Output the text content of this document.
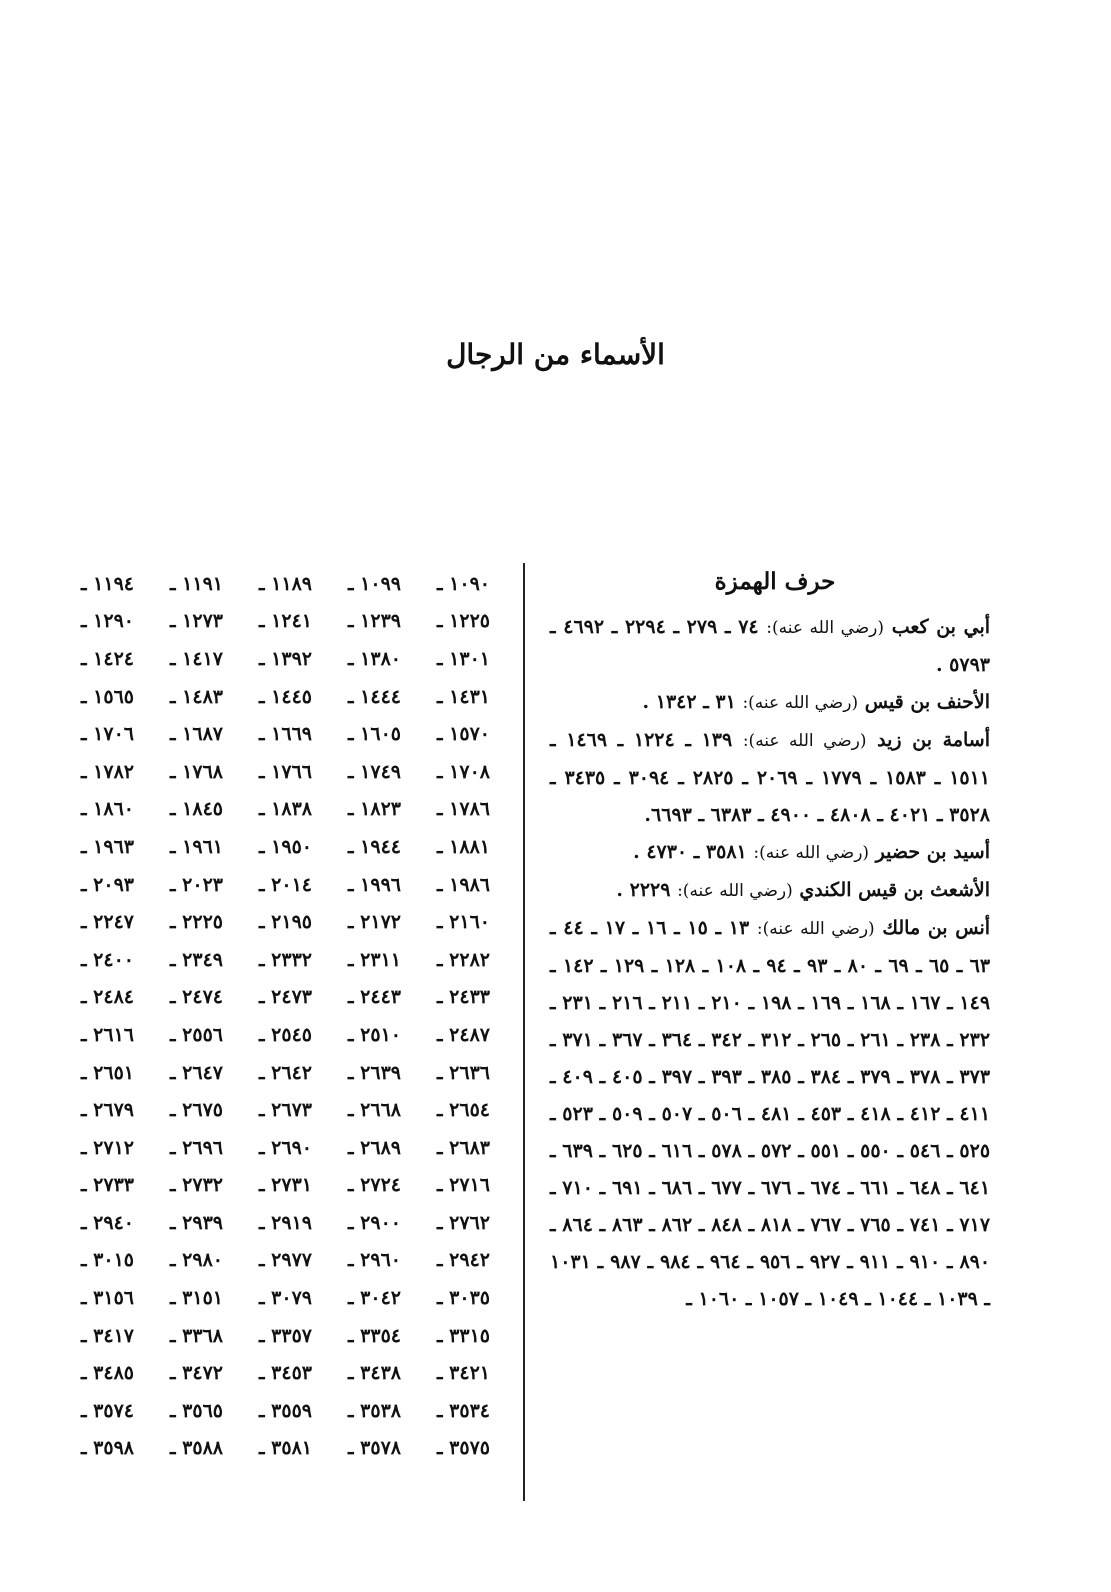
الأسماء من الرجال
حرف الهمزة
أبي بن كعب (رضي الله عنه): ٧٤ ـ ٢٧٩ ـ ٢٢٩٤ ـ ٤٦٩٢ ـ ٥٧٩٣ .
الأحنف بن قيس (رضي الله عنه): ٣١ ـ ١٣٤٢ .
أسامة بن زيد (رضي الله عنه): ١٣٩ ـ ١٢٢٤ ـ ١٤٦٩ ـ ١٥١١ ـ ١٥٨٣ ـ ١٧٧٩ ـ ٢٠٦٩ ـ ٢٨٢٥ ـ ٣٠٩٤ ـ ٣٤٣٥ ـ ٣٥٢٨ ـ ٤٠٢١ ـ ٤٨٠٨ ـ ٤٩٠٠ ـ ٦٣٨٣ ـ ٦٦٩٣.
أسيد بن حضير (رضي الله عنه): ٣٥٨١ ـ ٤٧٣٠ .
الأشعث بن قيس الكندي (رضي الله عنه): ٢٢٢٩ .
أنس بن مالك (رضي الله عنه): ١٣ ـ ١٥ ـ ١٦ ـ ١٧ ـ ٤٤ ـ ٦٣ ـ ٦٥ ـ ٦٩ ـ ٨٠ ـ ٩٣ ـ ٩٤ ـ ١٠٨ ـ ١٢٨ ـ ١٢٩ ـ ١٤٢ ـ ١٤٩ ـ ١٦٧ ـ ١٦٨ ـ ١٦٩ ـ ١٩٨ ـ ٢١٠ ـ ٢١١ ـ ٢١٦ ـ ٢٣١ ـ ٢٣٢ ـ ٢٣٨ ـ ٢٦١ ـ ٢٦٥ ـ ٣١٢ ـ ٣٤٢ ـ ٣٦٤ ـ ٣٦٧ ـ ٣٧١ ـ ٣٧٣ ـ ٣٧٨ ـ ٣٧٩ ـ ٣٨٤ ـ ٣٨٥ ـ ٣٩٣ ـ ٣٩٧ ـ ٤٠٥ ـ ٤٠٩ ـ ٤١١ ـ ٤١٢ ـ ٤١٨ ـ ٤٥٣ ـ ٤٨١ ـ ٥٠٦ ـ ٥٠٧ ـ ٥٠٩ ـ ٥٢٣ ـ ٥٢٥ ـ ٥٤٦ ـ ٥٥٠ ـ ٥٥١ ـ ٥٧٢ ـ ٥٧٨ ـ ٦١٦ ـ ٦٢٥ ـ ٦٣٩ ـ ٦٤١ ـ ٦٤٨ ـ ٦٦١ ـ ٦٧٤ ـ ٦٧٦ ـ ٦٧٧ ـ ٦٨٦ ـ ٦٩١ ـ ٧١٠ ـ ٧١٧ ـ ٧٤١ ـ ٧٦٥ ـ ٧٦٧ ـ ٨١٨ ـ ٨٤٨ ـ ٨٦٢ ـ ٨٦٣ ـ ٨٦٤ ـ ٨٩٠ ـ ٩١٠ ـ ٩١١ ـ ٩٢٧ ـ ٩٥٦ ـ ٩٦٤ ـ ٩٨٤ ـ ٩٨٧ ـ ١٠٣١ ـ ١٠٣٩ ـ ١٠٤٤ ـ ١٠٤٩ ـ ١٠٥٧ ـ ١٠٦٠ ـ
١٠٩٠ ـ
١٠٩٩ ـ
١١٨٩ ـ
١١٩١ ـ
١١٩٤ ـ
١٢٢٥ ـ
١٢٣٩ ـ
١٢٤١ ـ
١٢٧٣ ـ
١٢٩٠ ـ
١٣٠١ ـ
١٣٨٠ ـ
١٣٩٢ ـ
١٤١٧ ـ
١٤٢٤ ـ
١٤٣١ ـ
١٤٤٤ ـ
١٤٤٥ ـ
١٤٨٣ ـ
١٥٦٥ ـ
١٥٧٠ ـ
١٦٠٥ ـ
١٦٦٩ ـ
١٦٨٧ ـ
١٧٠٦ ـ
١٧٠٨ ـ
١٧٤٩ ـ
١٧٦٦ ـ
١٧٦٨ ـ
١٧٨٢ ـ
١٧٨٦ ـ
١٨٢٣ ـ
١٨٣٨ ـ
١٨٤٥ ـ
١٨٦٠ ـ
١٨٨١ ـ
١٩٤٤ ـ
١٩٥٠ ـ
١٩٦١ ـ
١٩٦٣ ـ
١٩٨٦ ـ
١٩٩٦ ـ
٢٠١٤ ـ
٢٠٢٣ ـ
٢٠٩٣ ـ
٢١٦٠ ـ
٢١٧٢ ـ
٢١٩٥ ـ
٢٢٢٥ ـ
٢٢٤٧ ـ
٢٢٨٢ ـ
٢٣١١ ـ
٢٣٣٢ ـ
٢٣٤٩ ـ
٢٤٠٠ ـ
٢٤٣٣ ـ
٢٤٤٣ ـ
٢٤٧٣ ـ
٢٤٧٤ ـ
٢٤٨٤ ـ
٢٤٨٧ ـ
٢٥١٠ ـ
٢٥٤٥ ـ
٢٥٥٦ ـ
٢٦١٦ ـ
٢٦٣٦ ـ
٢٦٣٩ ـ
٢٦٤٢ ـ
٢٦٤٧ ـ
٢٦٥١ ـ
٢٦٥٤ ـ
٢٦٦٨ ـ
٢٦٧٣ ـ
٢٦٧٥ ـ
٢٦٧٩ ـ
٢٦٨٣ ـ
٢٦٨٩ ـ
٢٦٩٠ ـ
٢٦٩٦ ـ
٢٧١٢ ـ
٢٧١٦ ـ
٢٧٢٤ ـ
٢٧٣١ ـ
٢٧٣٢ ـ
٢٧٣٣ ـ
٢٧٦٢ ـ
٢٩٠٠ ـ
٢٩١٩ ـ
٢٩٣٩ ـ
٢٩٤٠ ـ
٢٩٤٢ ـ
٢٩٦٠ ـ
٢٩٧٧ ـ
٢٩٨٠ ـ
٣٠١٥ ـ
٣٠٣٥ ـ
٣٠٤٢ ـ
٣٠٧٩ ـ
٣١٥١ ـ
٣١٥٦ ـ
٣٣١٥ ـ
٣٣٥٤ ـ
٣٣٥٧ ـ
٣٣٦٨ ـ
٣٤١٧ ـ
٣٤٢١ ـ
٣٤٣٨ ـ
٣٤٥٣ ـ
٣٤٧٢ ـ
٣٤٨٥ ـ
٣٥٣٤ ـ
٣٥٣٨ ـ
٣٥٥٩ ـ
٣٥٦٥ ـ
٣٥٧٤ ـ
٣٥٧٥ ـ
٣٥٧٨ ـ
٣٥٨١ ـ
٣٥٨٨ ـ
٣٥٩٨ ـ
